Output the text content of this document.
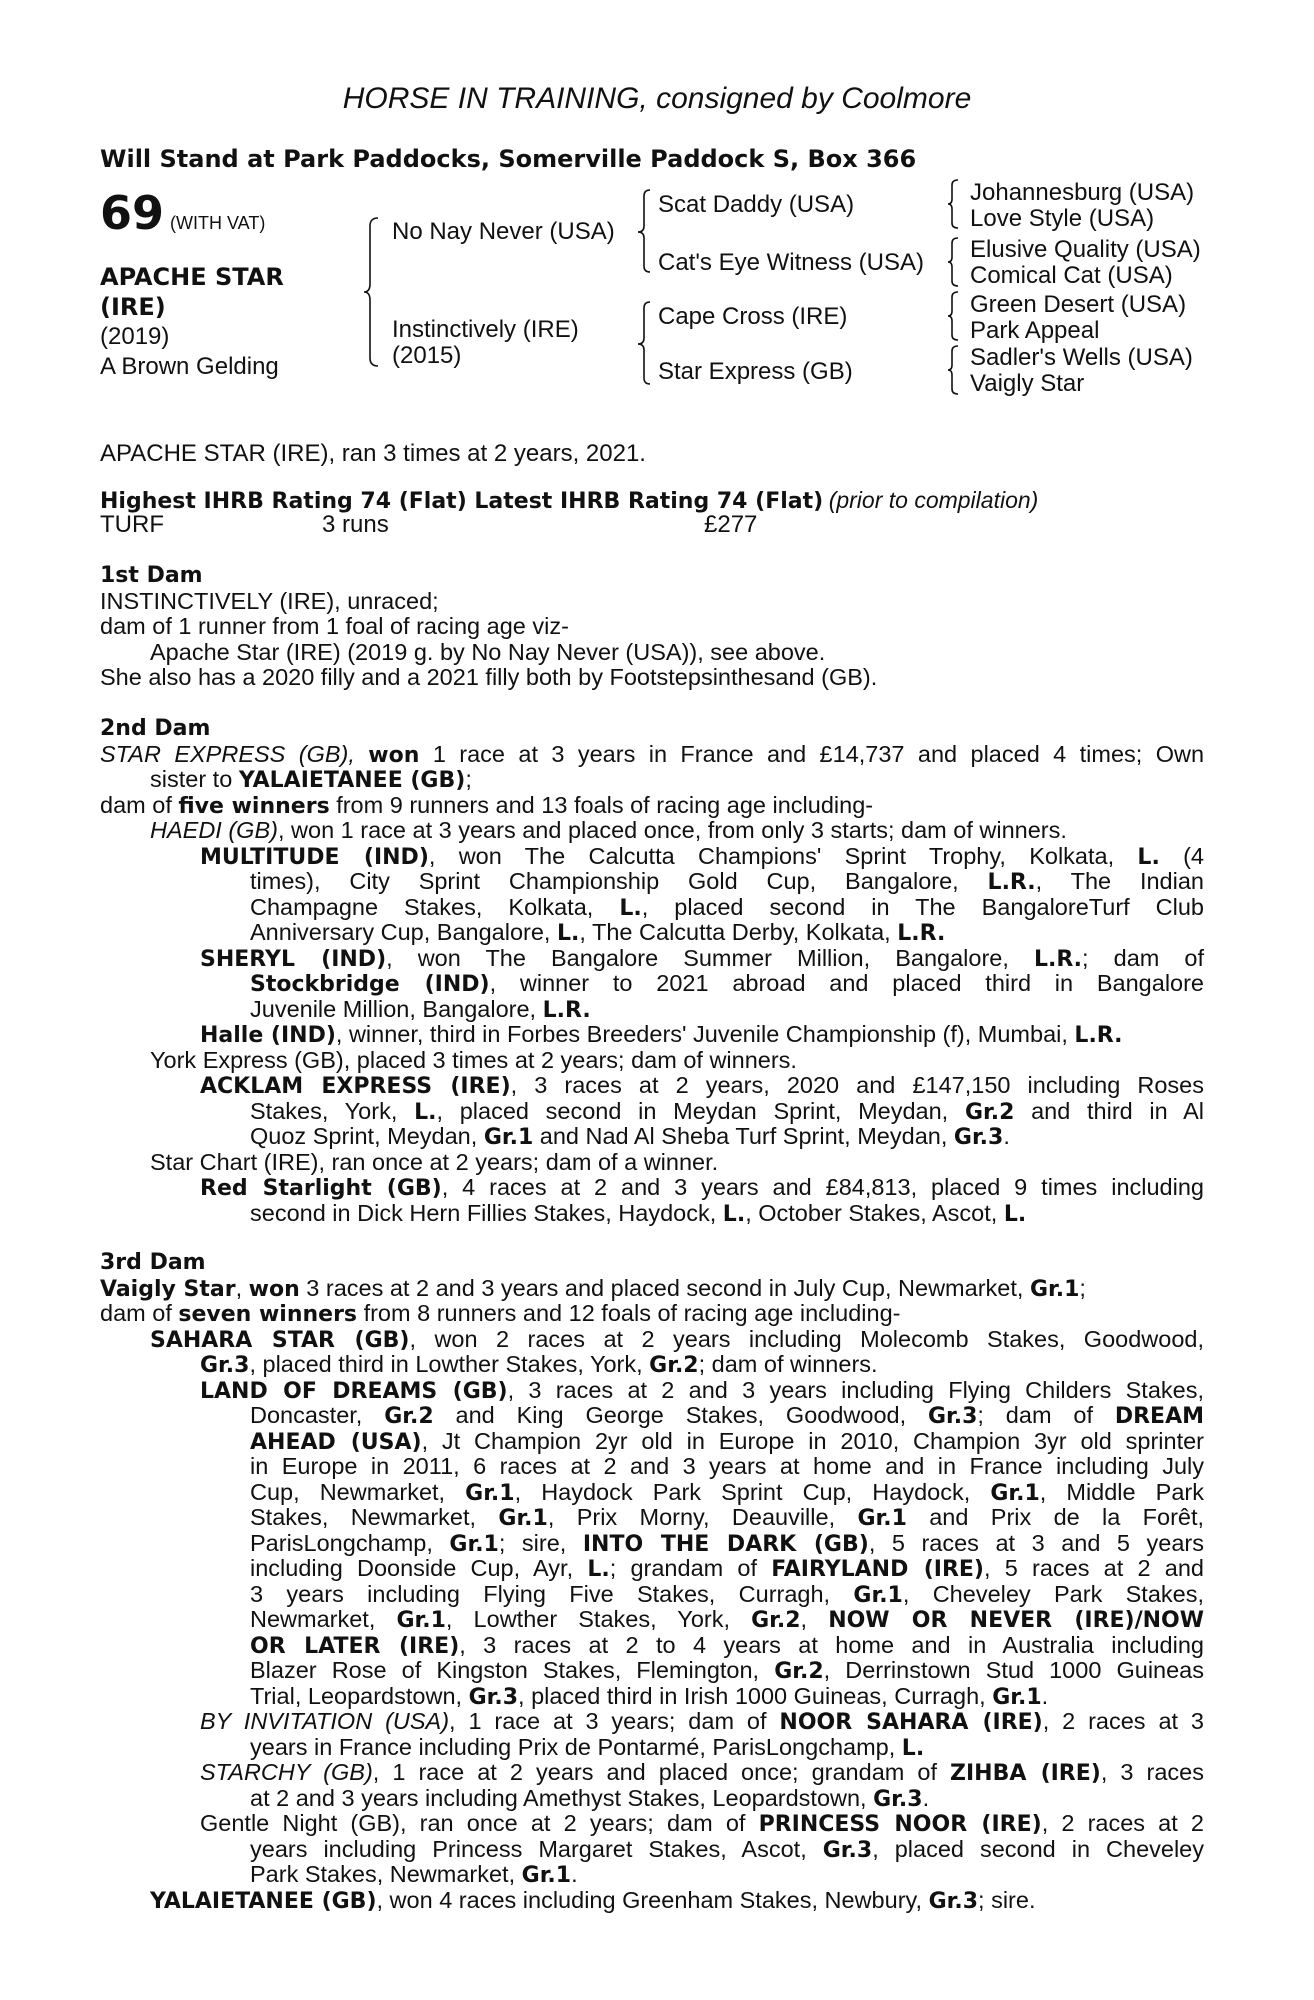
HORSE IN TRAINING, consigned by Coolmore
Will Stand at Park Paddocks, Somerville Paddock S, Box 366
69 (WITH VAT)
APACHE STAR
(IRE)
(2019)
A Brown Gelding
No Nay Never (USA)
Instinctively (IRE)
(2015)
Scat Daddy (USA)
Cat's Eye Witness (USA)
Cape Cross (IRE)
Star Express (GB)
Johannesburg (USA)
Love Style (USA)
Elusive Quality (USA)
Comical Cat (USA)
Green Desert (USA)
Park Appeal
Sadler's Wells (USA)
Vaigly Star
APACHE STAR (IRE), ran 3 times at 2 years, 2021.
Highest IHRB Rating 74 (Flat) Latest IHRB Rating 74 (Flat) (prior to compilation)
TURF	3 runs	£277
1st Dam
INSTINCTIVELY (IRE), unraced;
dam of 1 runner from 1 foal of racing age viz-
Apache Star (IRE) (2019 g. by No Nay Never (USA)), see above.
She also has a 2020 filly and a 2021 filly both by Footstepsinthesand (GB).
2nd Dam
STAR EXPRESS (GB), won 1 race at 3 years in France and £14,737 and placed 4 times; Own
sister to YALAIETANEE (GB);
dam of five winners from 9 runners and 13 foals of racing age including-
HAEDI (GB), won 1 race at 3 years and placed once, from only 3 starts; dam of winners.
MULTITUDE (IND), won The Calcutta Champions' Sprint Trophy, Kolkata, L. (4
times), City Sprint Championship Gold Cup, Bangalore, L.R., The Indian
Champagne Stakes, Kolkata, L., placed second in The BangaloreTurf Club
Anniversary Cup, Bangalore, L., The Calcutta Derby, Kolkata, L.R.
SHERYL (IND), won The Bangalore Summer Million, Bangalore, L.R.; dam of
Stockbridge (IND), winner to 2021 abroad and placed third in Bangalore
Juvenile Million, Bangalore, L.R.
Halle (IND), winner, third in Forbes Breeders' Juvenile Championship (f), Mumbai, L.R.
York Express (GB), placed 3 times at 2 years; dam of winners.
ACKLAM EXPRESS (IRE), 3 races at 2 years, 2020 and £147,150 including Roses
Stakes, York, L., placed second in Meydan Sprint, Meydan, Gr.2 and third in Al
Quoz Sprint, Meydan, Gr.1 and Nad Al Sheba Turf Sprint, Meydan, Gr.3.
Star Chart (IRE), ran once at 2 years; dam of a winner.
Red Starlight (GB), 4 races at 2 and 3 years and £84,813, placed 9 times including
second in Dick Hern Fillies Stakes, Haydock, L., October Stakes, Ascot, L.
3rd Dam
Vaigly Star, won 3 races at 2 and 3 years and placed second in July Cup, Newmarket, Gr.1;
dam of seven winners from 8 runners and 12 foals of racing age including-
SAHARA STAR (GB), won 2 races at 2 years including Molecomb Stakes, Goodwood,
Gr.3, placed third in Lowther Stakes, York, Gr.2; dam of winners.
LAND OF DREAMS (GB), 3 races at 2 and 3 years including Flying Childers Stakes,
Doncaster, Gr.2 and King George Stakes, Goodwood, Gr.3; dam of DREAM
AHEAD (USA), Jt Champion 2yr old in Europe in 2010, Champion 3yr old sprinter
in Europe in 2011, 6 races at 2 and 3 years at home and in France including July
Cup, Newmarket, Gr.1, Haydock Park Sprint Cup, Haydock, Gr.1, Middle Park
Stakes, Newmarket, Gr.1, Prix Morny, Deauville, Gr.1 and Prix de la Forêt,
ParisLongchamp, Gr.1; sire, INTO THE DARK (GB), 5 races at 3 and 5 years
including Doonside Cup, Ayr, L.; grandam of FAIRYLAND (IRE), 5 races at 2 and
3 years including Flying Five Stakes, Curragh, Gr.1, Cheveley Park Stakes,
Newmarket, Gr.1, Lowther Stakes, York, Gr.2, NOW OR NEVER (IRE)/NOW
OR LATER (IRE), 3 races at 2 to 4 years at home and in Australia including
Blazer Rose of Kingston Stakes, Flemington, Gr.2, Derrinstown Stud 1000 Guineas
Trial, Leopardstown, Gr.3, placed third in Irish 1000 Guineas, Curragh, Gr.1.
BY INVITATION (USA), 1 race at 3 years; dam of NOOR SAHARA (IRE), 2 races at 3
years in France including Prix de Pontarmé, ParisLongchamp, L.
STARCHY (GB), 1 race at 2 years and placed once; grandam of ZIHBA (IRE), 3 races
at 2 and 3 years including Amethyst Stakes, Leopardstown, Gr.3.
Gentle Night (GB), ran once at 2 years; dam of PRINCESS NOOR (IRE), 2 races at 2
years including Princess Margaret Stakes, Ascot, Gr.3, placed second in Cheveley
Park Stakes, Newmarket, Gr.1.
YALAIETANEE (GB), won 4 races including Greenham Stakes, Newbury, Gr.3; sire.
